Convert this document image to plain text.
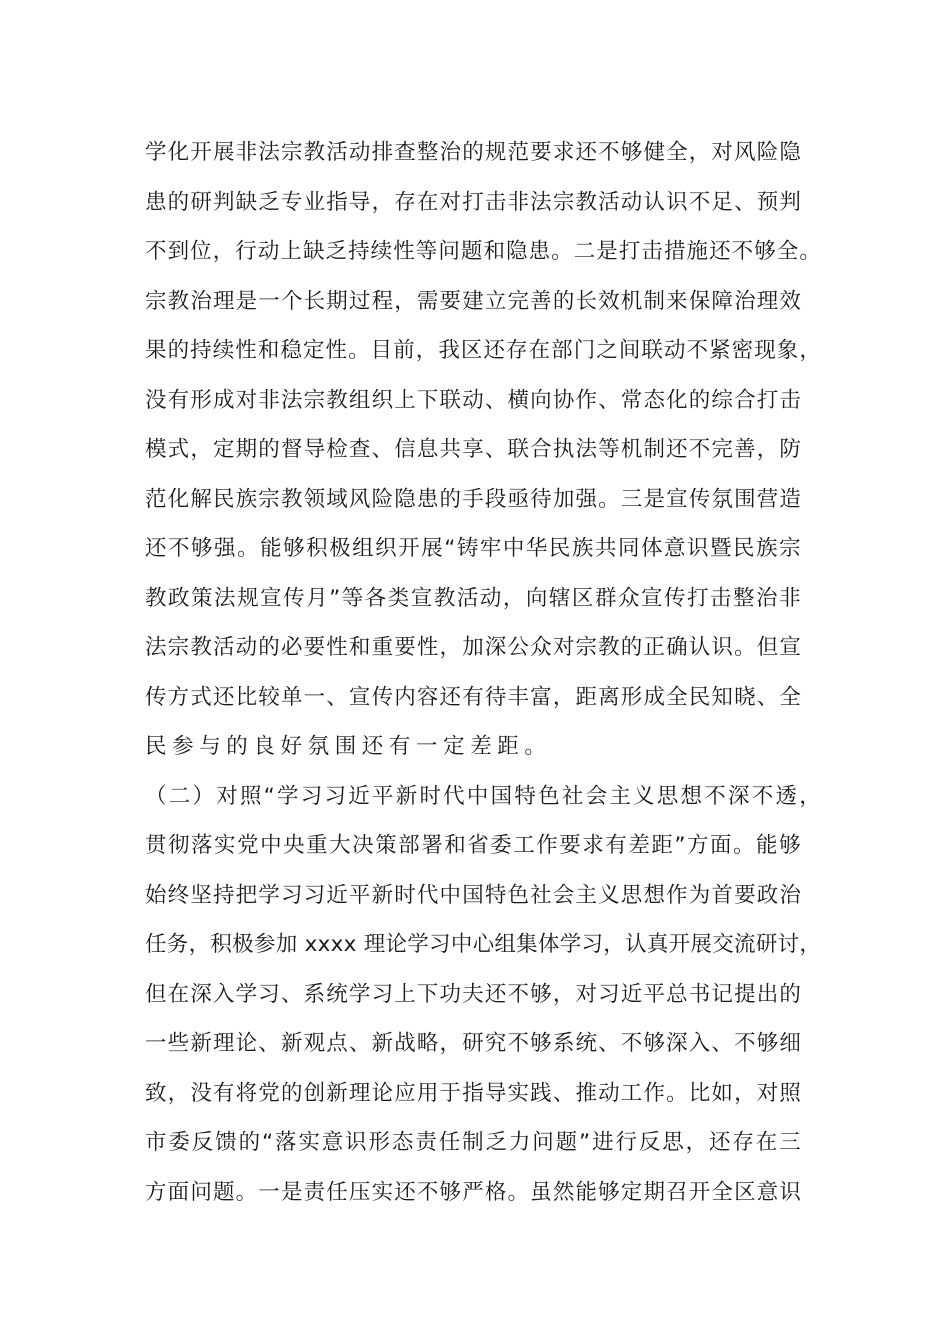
学 化 开 展 非 法 宗 教 活 动 排 查 整 治 的 规 范 要 求 还 不 够 健 全 ， 对 风 险 隐
患 的 研 判 缺 乏 专 业 指 导 ， 存 在 对 打 击 非 法 宗 教 活 动 认 识 不 足 、 预 判
不 到 位 ， 行 动 上 缺 乏 持 续 性 等 问 题 和 隐 患 。 二 是 打 击 措 施 还 不 够 全 。
宗 教 治 理 是 一 个 长 期 过 程 ， 需 要 建 立 完 善 的 长 效 机 制 来 保 障 治 理 效
果 的 持 续 性 和 稳 定 性 。 目 前 ， 我 区 还 存 在 部 门 之 间 联 动 不 紧 密 现 象 ，
没 有 形 成 对 非 法 宗 教 组 织 上 下 联 动 、 横 向 协 作 、 常 态 化 的 综 合 打 击
模 式 ， 定 期 的 督 导 检 查 、 信 息 共 享 、 联 合 执 法 等 机 制 还 不 完 善 ， 防
范 化 解 民 族 宗 教 领 域 风 险 隐 患 的 手 段 亟 待 加 强 。 三 是 宣 传 氛 围 营 造
还 不 够 强 。 能 够 积 极 组 织 开 展 “ 铸 牢 中 华 民 族 共 同 体 意 识 暨 民 族 宗
教 政 策 法 规 宣 传 月 ” 等 各 类 宣 教 活 动 ， 向 辖 区 群 众 宣 传 打 击 整 治 非
法 宗 教 活 动 的 必 要 性 和 重 要 性 ， 加 深 公 众 对 宗 教 的 正 确 认 识 。 但 宣
传 方 式 还 比 较 单 一 、 宣 传 内 容 还 有 待 丰 富 ， 距 离 形 成 全 民 知 晓 、 全
民参与的良好氛围还有一定差距。
（ 二 ） 对 照 “ 学 习 习 近 平 新 时 代 中 国 特 色 社 会 主 义 思 想 不 深 不 透 ，
贯 彻 落 实 党 中 央 重 大 决 策 部 署 和 省 委 工 作 要 求 有 差 距 ” 方 面 。 能 够
始 终 坚 持 把 学 习 习 近 平 新 时 代 中 国 特 色 社 会 主 义 思 想 作 为 首 要 政 治
任 务 ， 积 极 参 加
x x x x
理 论 学 习 中 心 组 集 体 学 习 ， 认 真 开 展 交 流 研 讨 ，
但 在 深 入 学 习 、 系 统 学 习 上 下 功 夫 还 不 够 ， 对 习 近 平 总 书 记 提 出 的
一 些 新 理 论 、 新 观 点 、 新 战 略 ， 研 究 不 够 系 统 、 不 够 深 入 、 不 够 细
致 ， 没 有 将 党 的 创 新 理 论 应 用 于 指 导 实 践 、 推 动 工 作 。 比 如 ， 对 照
市 委 反 馈 的 “ 落 实 意 识 形 态 责 任 制 乏 力 问 题 ” 进 行 反 思 ， 还 存 在 三
方 面 问 题 。 一 是 责 任 压 实 还 不 够 严 格 。 虽 然 能 够 定 期 召 开 全 区 意 识
